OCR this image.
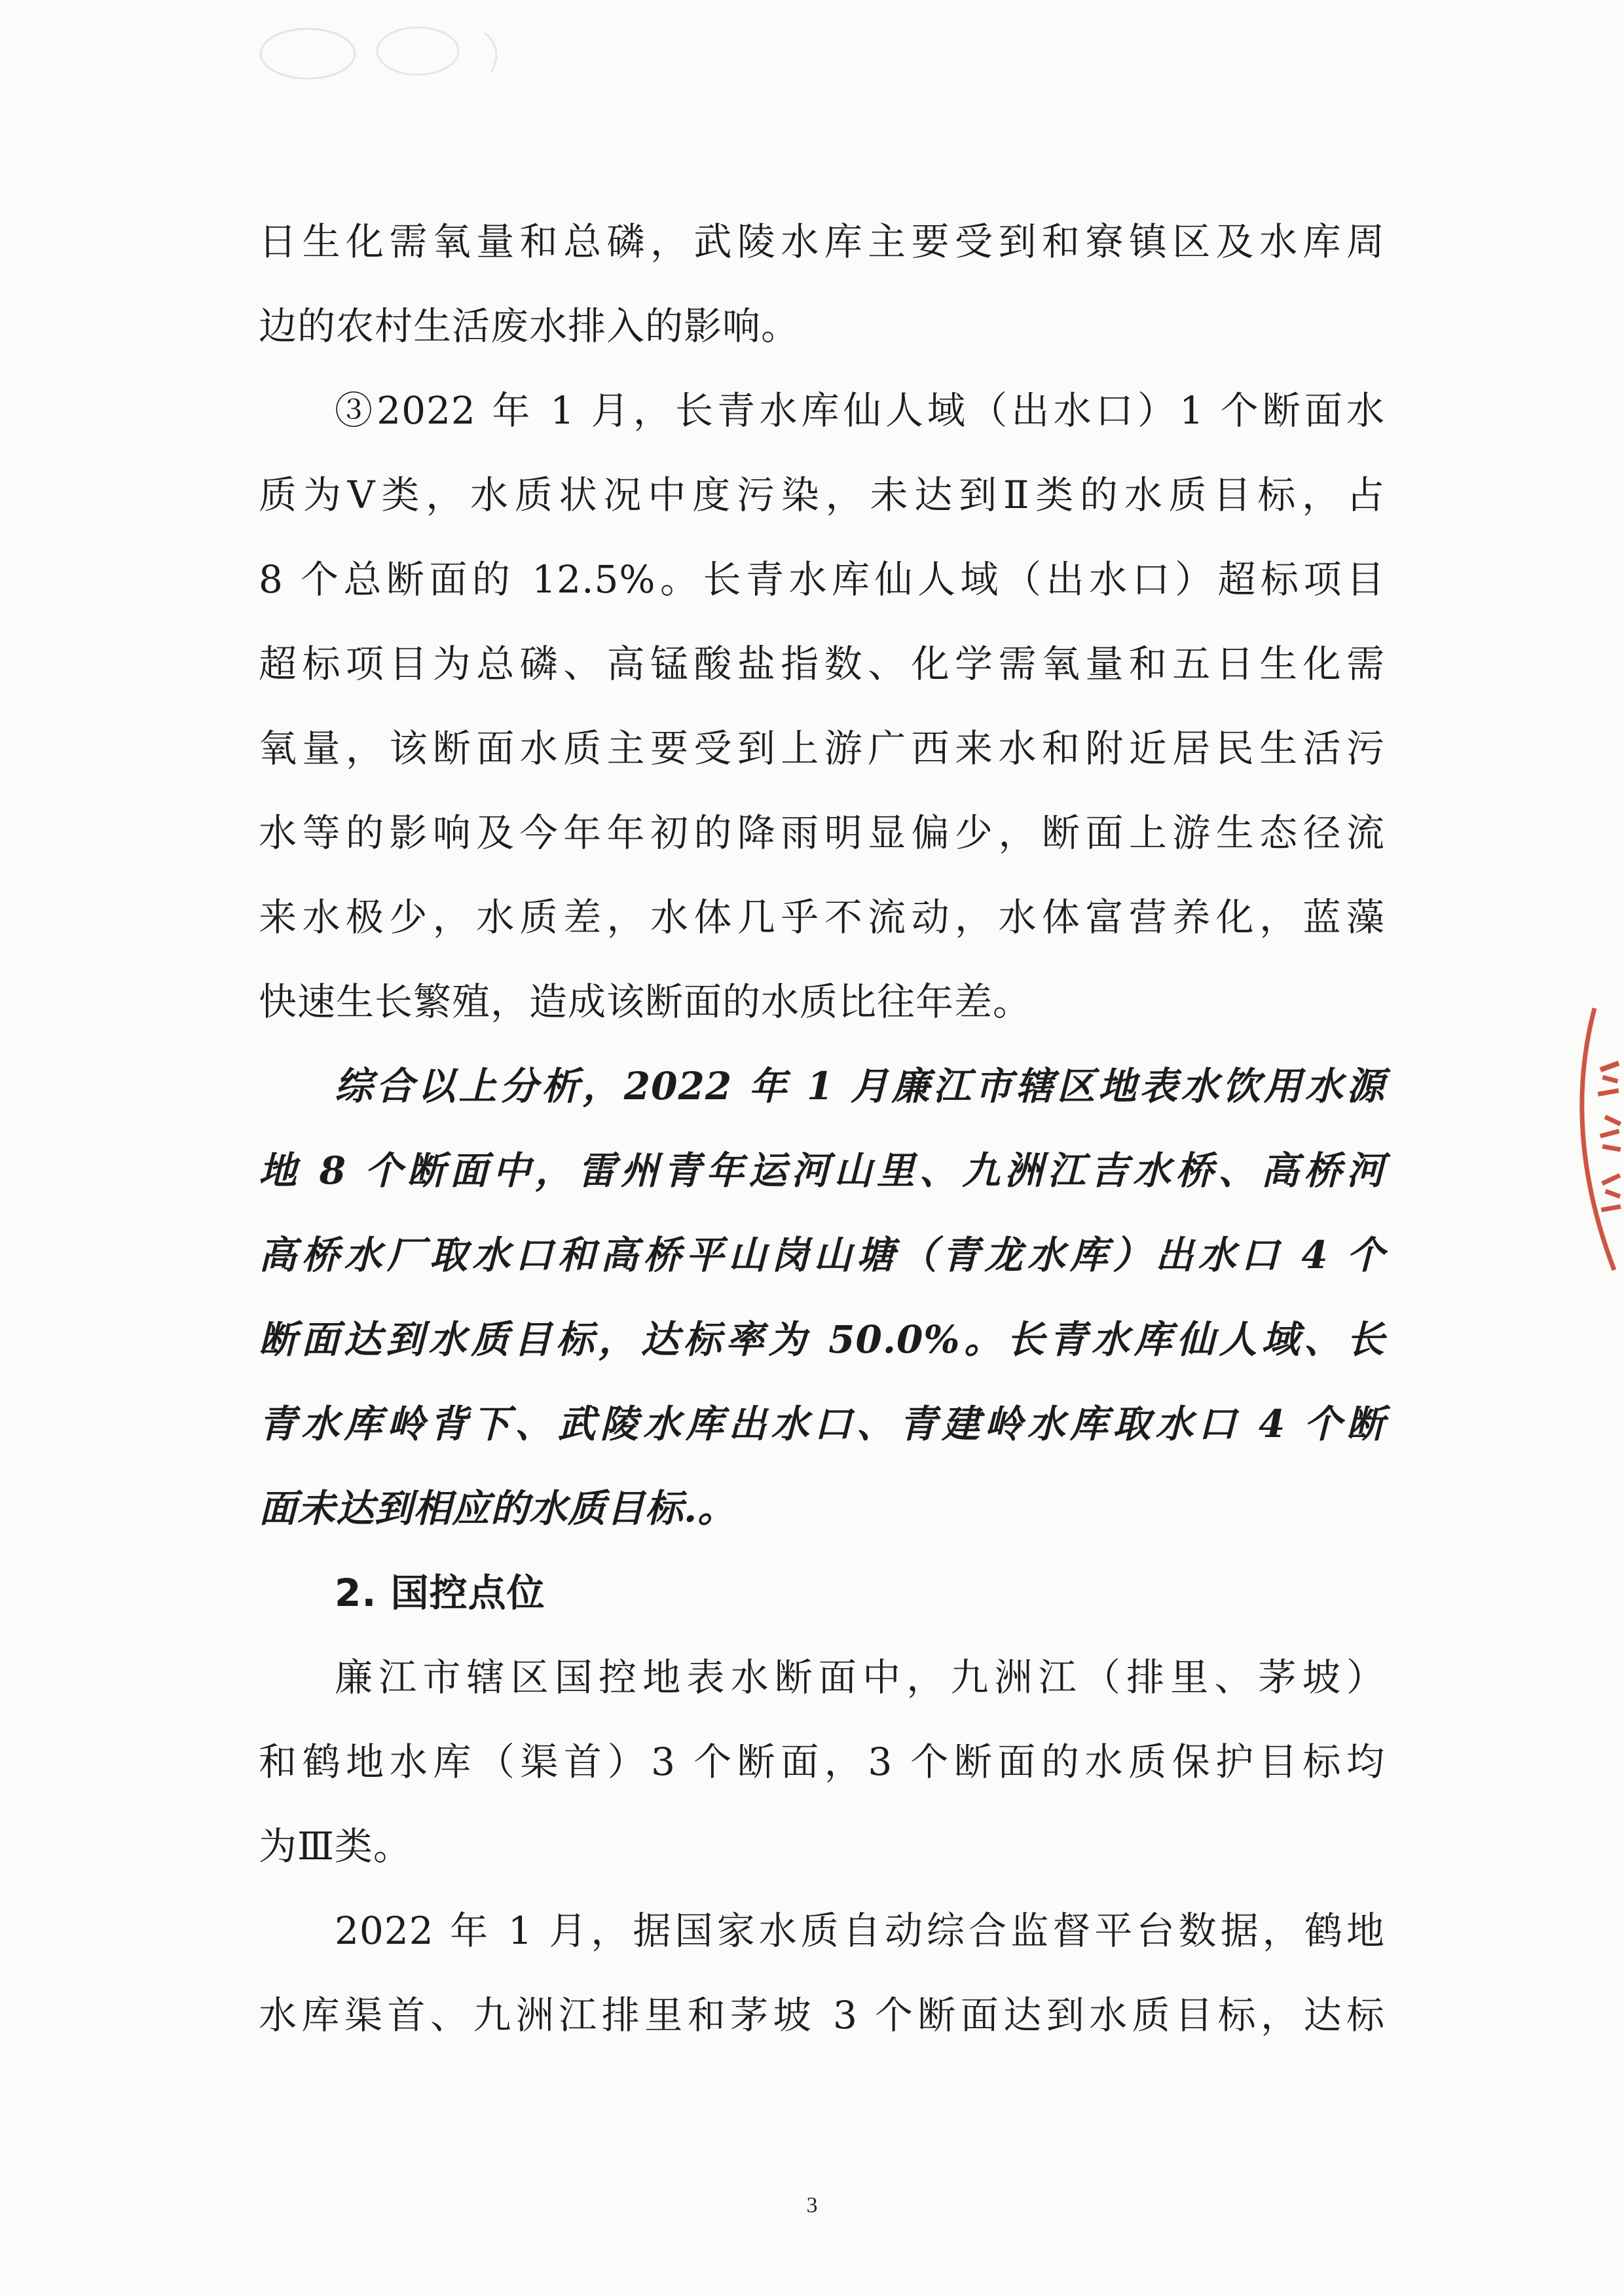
日生化需氧量和总磷，武陵水库主要受到和寮镇区及水库周
边的农村生活废水排入的影响。
③2022 年 1 月，长青水库仙人域（出水口）1 个断面水
质为Ⅴ类，水质状况中度污染，未达到Ⅱ类的水质目标，占
8 个总断面的 12.5%。长青水库仙人域（出水口）超标项目
超标项目为总磷、高锰酸盐指数、化学需氧量和五日生化需
氧量，该断面水质主要受到上游广西来水和附近居民生活污
水等的影响及今年年初的降雨明显偏少，断面上游生态径流
来水极少，水质差，水体几乎不流动，水体富营养化，蓝藻
快速生长繁殖，造成该断面的水质比往年差。
综合以上分析，2022 年 1 月廉江市辖区地表水饮用水源
地 8 个断面中，雷州青年运河山里、九洲江吉水桥、高桥河
高桥水厂取水口和高桥平山岗山塘（青龙水库）出水口 4 个
断面达到水质目标，达标率为 50.0%。长青水库仙人域、长
青水库岭背下、武陵水库出水口、青建岭水库取水口 4 个断
面未达到相应的水质目标.。
2. 国控点位
廉江市辖区国控地表水断面中，九洲江（排里、茅坡）
和鹤地水库（渠首）3 个断面，3 个断面的水质保护目标均
为Ⅲ类。
2022 年 1 月，据国家水质自动综合监督平台数据，鹤地
水库渠首、九洲江排里和茅坡 3 个断面达到水质目标，达标
3
